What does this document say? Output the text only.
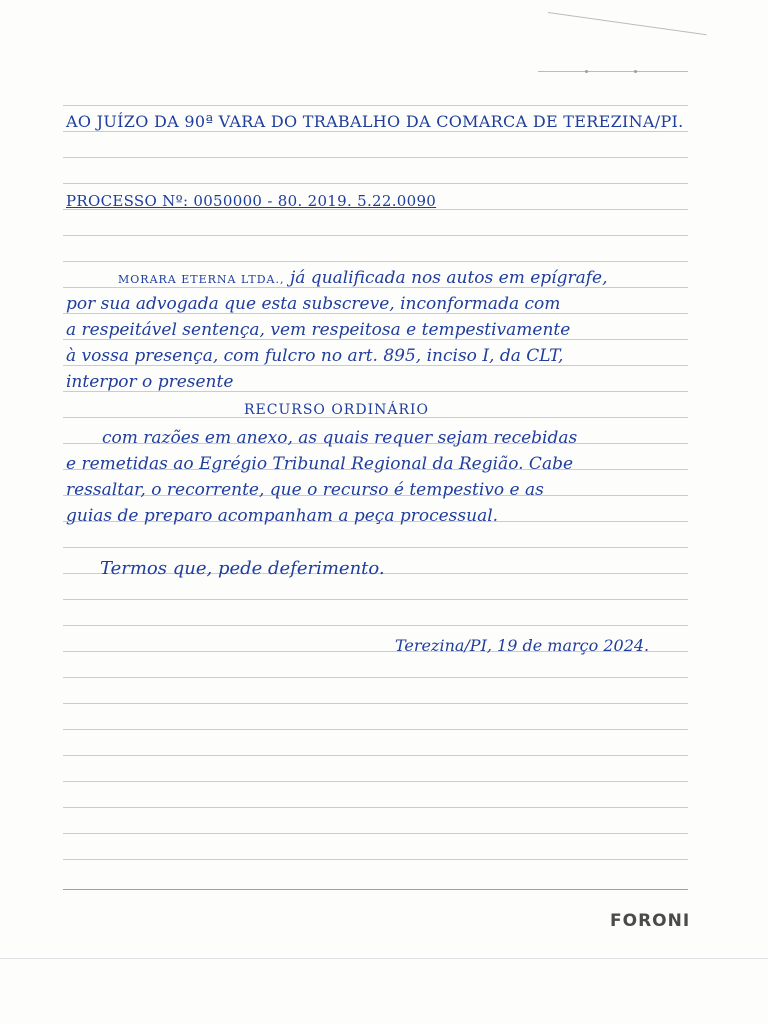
AO JUÍZO DA 90ª VARA DO TRABALHO DA COMARCA DE TEREZINA/PI.

PROCESSO Nº: 0050000 - 80. 2019. 5.22.0090

MORARA ETERNA LTDA., já qualificada nos autos em epígrafe,

por sua advogada que esta subscreve, inconformada com

a respeitável sentença, vem respeitosa e tempestivamente

à vossa presença, com fulcro no art. 895, inciso I, da CLT,

interpor o presente

RECURSO ORDINÁRIO

com razões em anexo, as quais requer sejam recebidas

e remetidas ao Egrégio Tribunal Regional da Região. Cabe

ressaltar, o recorrente, que o recurso é tempestivo e as

guias de preparo acompanham a peça processual.

Termos que, pede deferimento.

Terezina/PI, 19 de março 2024.

FORONI
